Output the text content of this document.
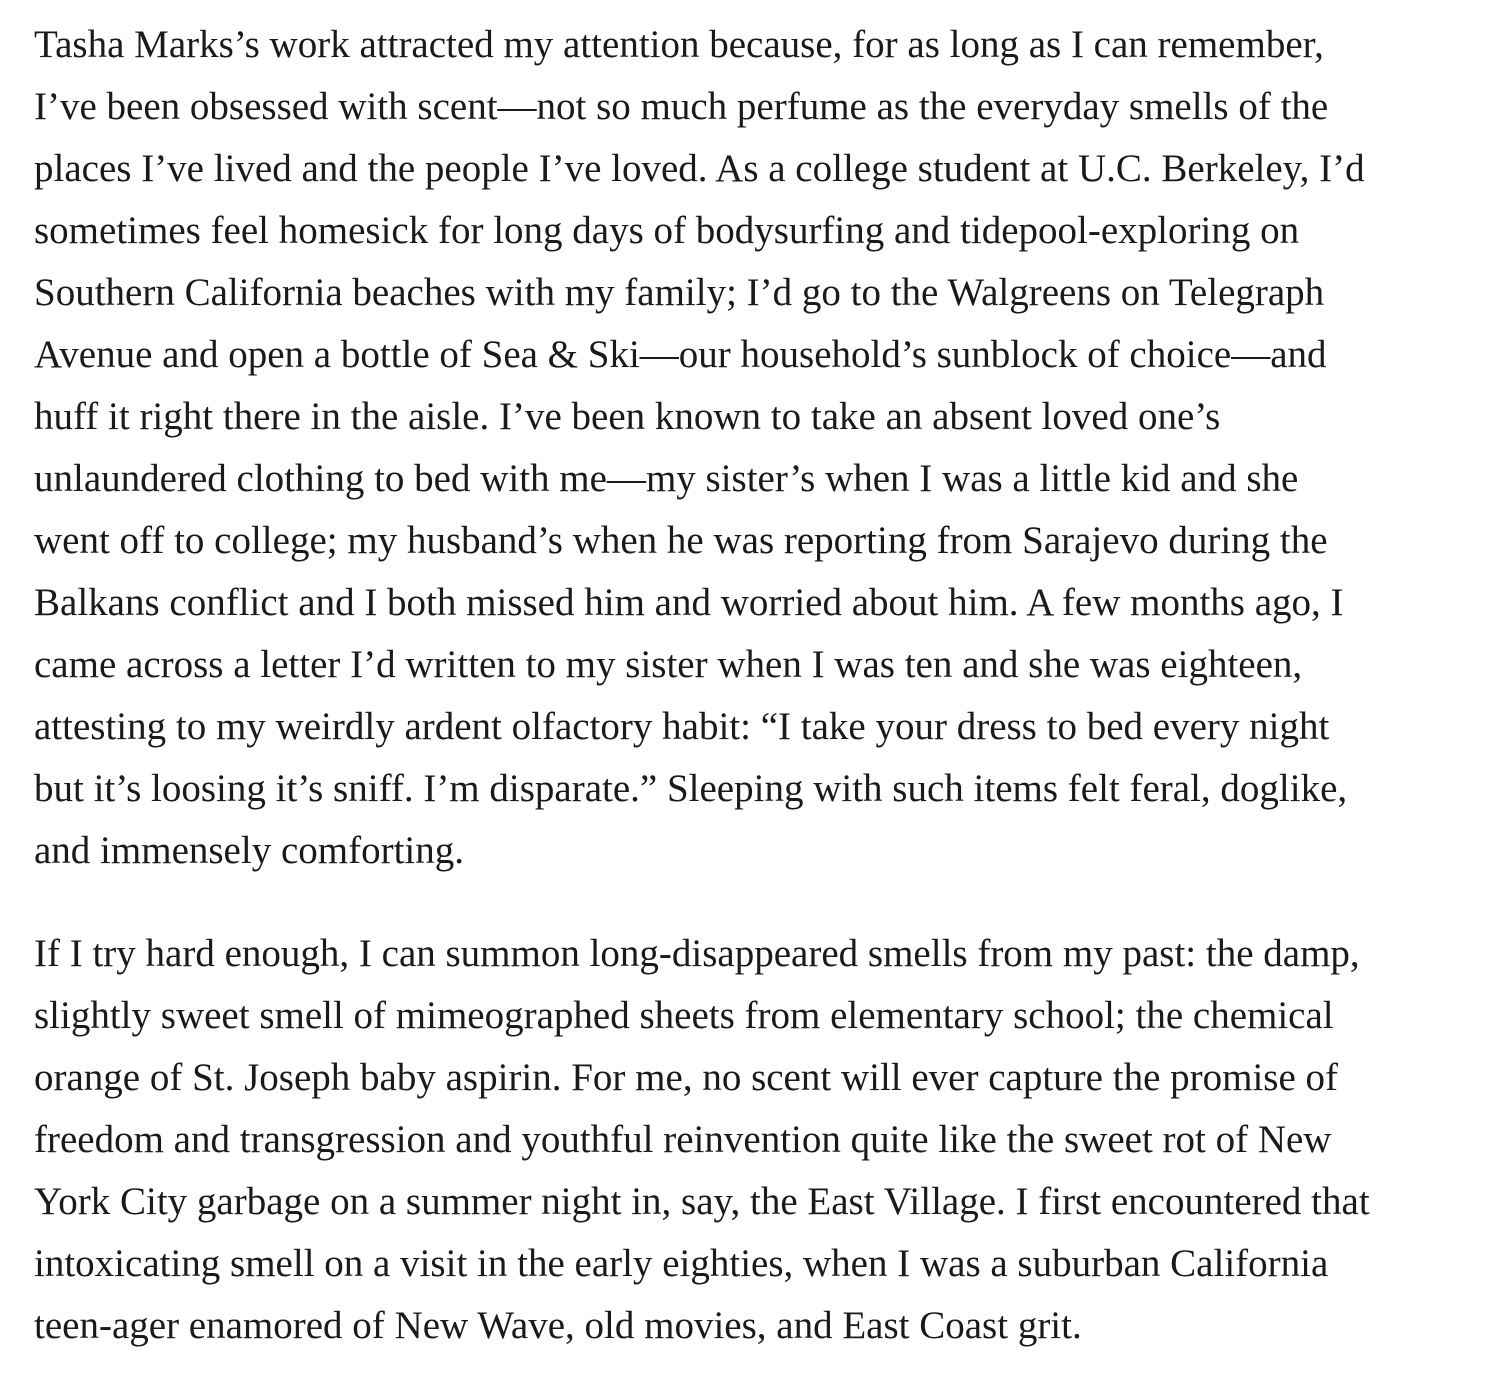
Tasha Marks’s work attracted my attention because, for as long as I can remember,
I’ve been obsessed with scent—not so much perfume as the everyday smells of the
places I’ve lived and the people I’ve loved. As a college student at U.C. Berkeley, I’d
sometimes feel homesick for long days of bodysurfing and tidepool-exploring on
Southern California beaches with my family; I’d go to the Walgreens on Telegraph
Avenue and open a bottle of Sea & Ski—our household’s sunblock of choice—and
huff it right there in the aisle. I’ve been known to take an absent loved one’s
unlaundered clothing to bed with me—my sister’s when I was a little kid and she
went off to college; my husband’s when he was reporting from Sarajevo during the
Balkans conflict and I both missed him and worried about him. A few months ago, I
came across a letter I’d written to my sister when I was ten and she was eighteen,
attesting to my weirdly ardent olfactory habit: “I take your dress to bed every night
but it’s loosing it’s sniff. I’m disparate.” Sleeping with such items felt feral, doglike,
and immensely comforting.

If I try hard enough, I can summon long-disappeared smells from my past: the damp,
slightly sweet smell of mimeographed sheets from elementary school; the chemical
orange of St. Joseph baby aspirin. For me, no scent will ever capture the promise of
freedom and transgression and youthful reinvention quite like the sweet rot of New
York City garbage on a summer night in, say, the East Village. I first encountered that
intoxicating smell on a visit in the early eighties, when I was a suburban California
teen-ager enamored of New Wave, old movies, and East Coast grit.
